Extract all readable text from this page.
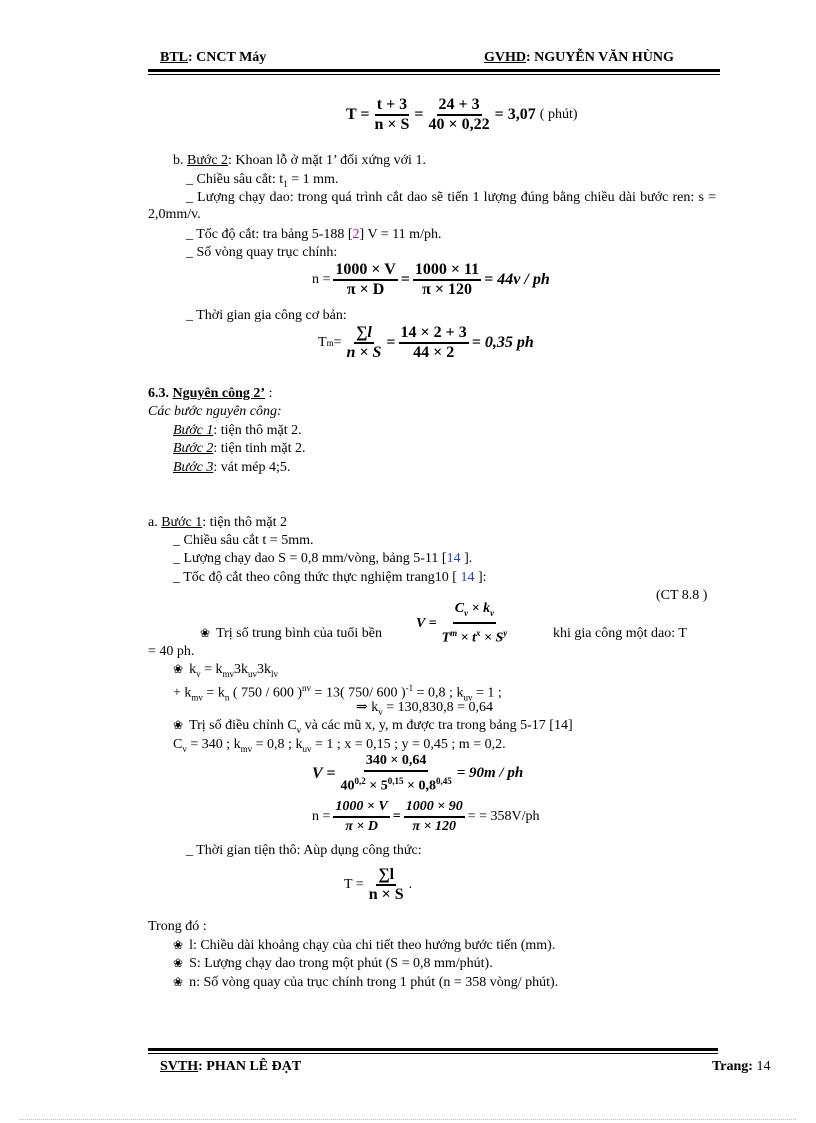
BTL: CNCT Máy	GVHD: NGUYỄN VĂN HÙNG
$T = \frac{t + 3}{n \times S} = \frac{24 + 3}{40 \times 0,22} = 3,07$ ( phút)
b. Bước 2: Khoan lỗ ở mặt 1’ đối xứng với 1.
_ Chiều sâu cắt: $t_1 = 1$ mm.
_ Lượng chạy dao: trong quá trình cắt dao sẽ tiến 1 lượng đúng bằng chiều dài bước ren: s = 2,0mm/v.
_ Tốc độ cắt: tra bảng 5-188 [2] V = 11 m/ph.
_ Số vòng quay trục chính:
$n = \frac{1000 \times V}{\pi \times D} = \frac{1000 \times 11}{\pi \times 120} = 44v$ / ph
_ Thời gian gia công cơ bản:
T $m = \frac{\sum l}{n \times S} = \frac{14 \times 2 + 3}{44 \times 2} = 0,35$ ph
6.3. Nguyên công 2’ :
Các bước nguyên công:
Bước 1: tiện thô mặt 2.
Bước 2: tiện tinh mặt 2.
Bước 3: vát mép 4;5.
a. Bước 1: tiện thô mặt 2
_ Chiều sâu cắt t = 5mm.
_ Lượng chạy dao S = 0,8 mm/vòng, bảng 5-11 [14 ].
_ Tốc độ cắt theo công thức thực nghiệm trang10 [ 14 ]:
(CT 8.8 )
$V = \frac{C_v \times k_v}{T^m \times t^x \times S^y}$
❀ Trị số trung bình của tuổi bền	khi gia công một dao: T
= 40 ph.
❀ $k_v = k_{mv}3k_{uv}3k_{lv}$
+ $k_{mv} = k_n$ ( 750 / 600 )$^{nv}$ = 13( 750/ 600 )$^{-1}$ = 0,8 ; $k_{uv} = 1$ ;
⇒ $k_v = 130,830,8 = 0,64$
❀ Trị số điều chỉnh $C_v$ và các mũ x, y, m được tra trong bảng 5-17 [14]
$C_v = 340$ ; $k_{mv} = 0,8$ ; $k_{uv} = 1$ ; x = 0,15 ; y = 0,45 ; m = 0,2.
$V = \frac{340 \times 0,64}{40^{0,2} \times 5^{0,15} \times 0,8^{0,45}} = 90m$ / ph
$n = \frac{1000 \times V}{\pi \times D} = \frac{1000 \times 90}{\pi \times 120}$ = = 358V/ph
_ Thời gian tiện thô: Aùp dụng công thức:
$T = \frac{\sum l}{n \times S}$ .
Trong đó :
❀ l: Chiều dài khoảng chạy của chi tiết theo hướng bước tiến (mm).
❀ S: Lượng chạy dao trong một phút (S = 0,8 mm/phút).
❀ n: Số vòng quay của trục chính trong 1 phút (n = 358 vòng/ phút).
SVTH: PHAN LÊ ĐẠT	Trang: 14
